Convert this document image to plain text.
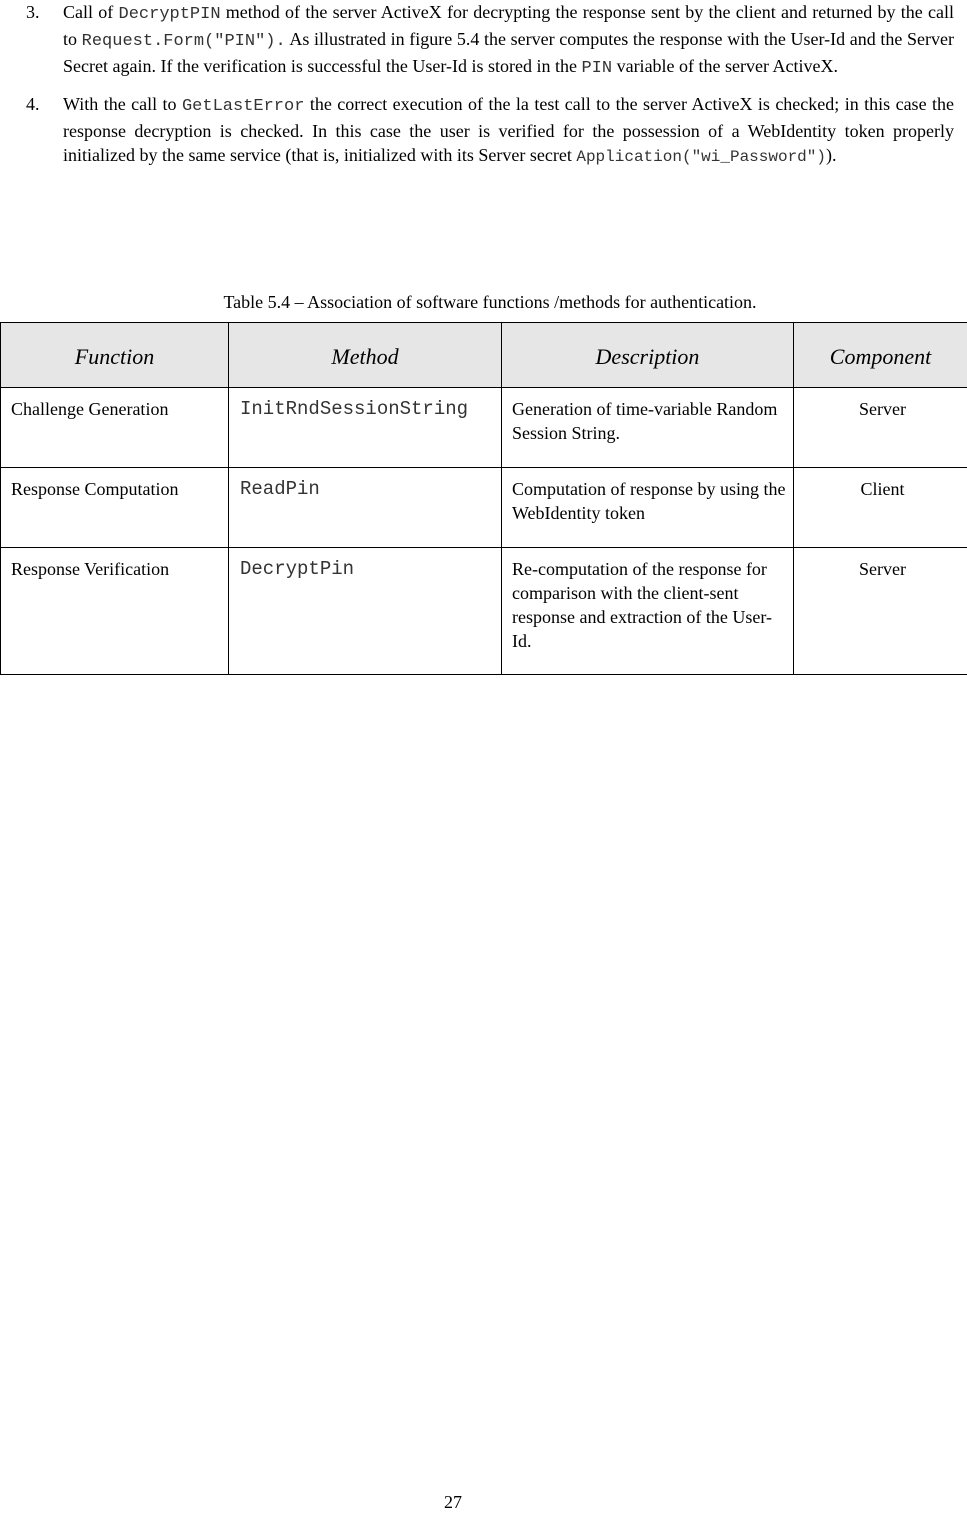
3. Call of DecryptPIN method of the server ActiveX for decrypting the response sent by the client and returned by the call to Request.Form("PIN"). As illustrated in figure 5.4 the server computes the response with the User-Id and the Server Secret again. If the verification is successful the User-Id is stored in the PIN variable of the server ActiveX.
4. With the call to GetLastError the correct execution of the la test call to the server ActiveX is checked; in this case the response decryption is checked. In this case the user is verified for the possession of a WebIdentity token properly initialized by the same service (that is, initialized with its Server secret Application("wi_Password")).
Table 5.4 – Association of software functions /methods for authentication.
Function	Method	Description	Component
Challenge Generation	InitRndSessionString	Generation of time-variable Random Session String.	Server
Response Computation	ReadPin	Computation of response by using the WebIdentity token	Client
Response Verification	DecryptPin	Re-computation of the response for comparison with the client-sent response and extraction of the User-Id.	Server
27
